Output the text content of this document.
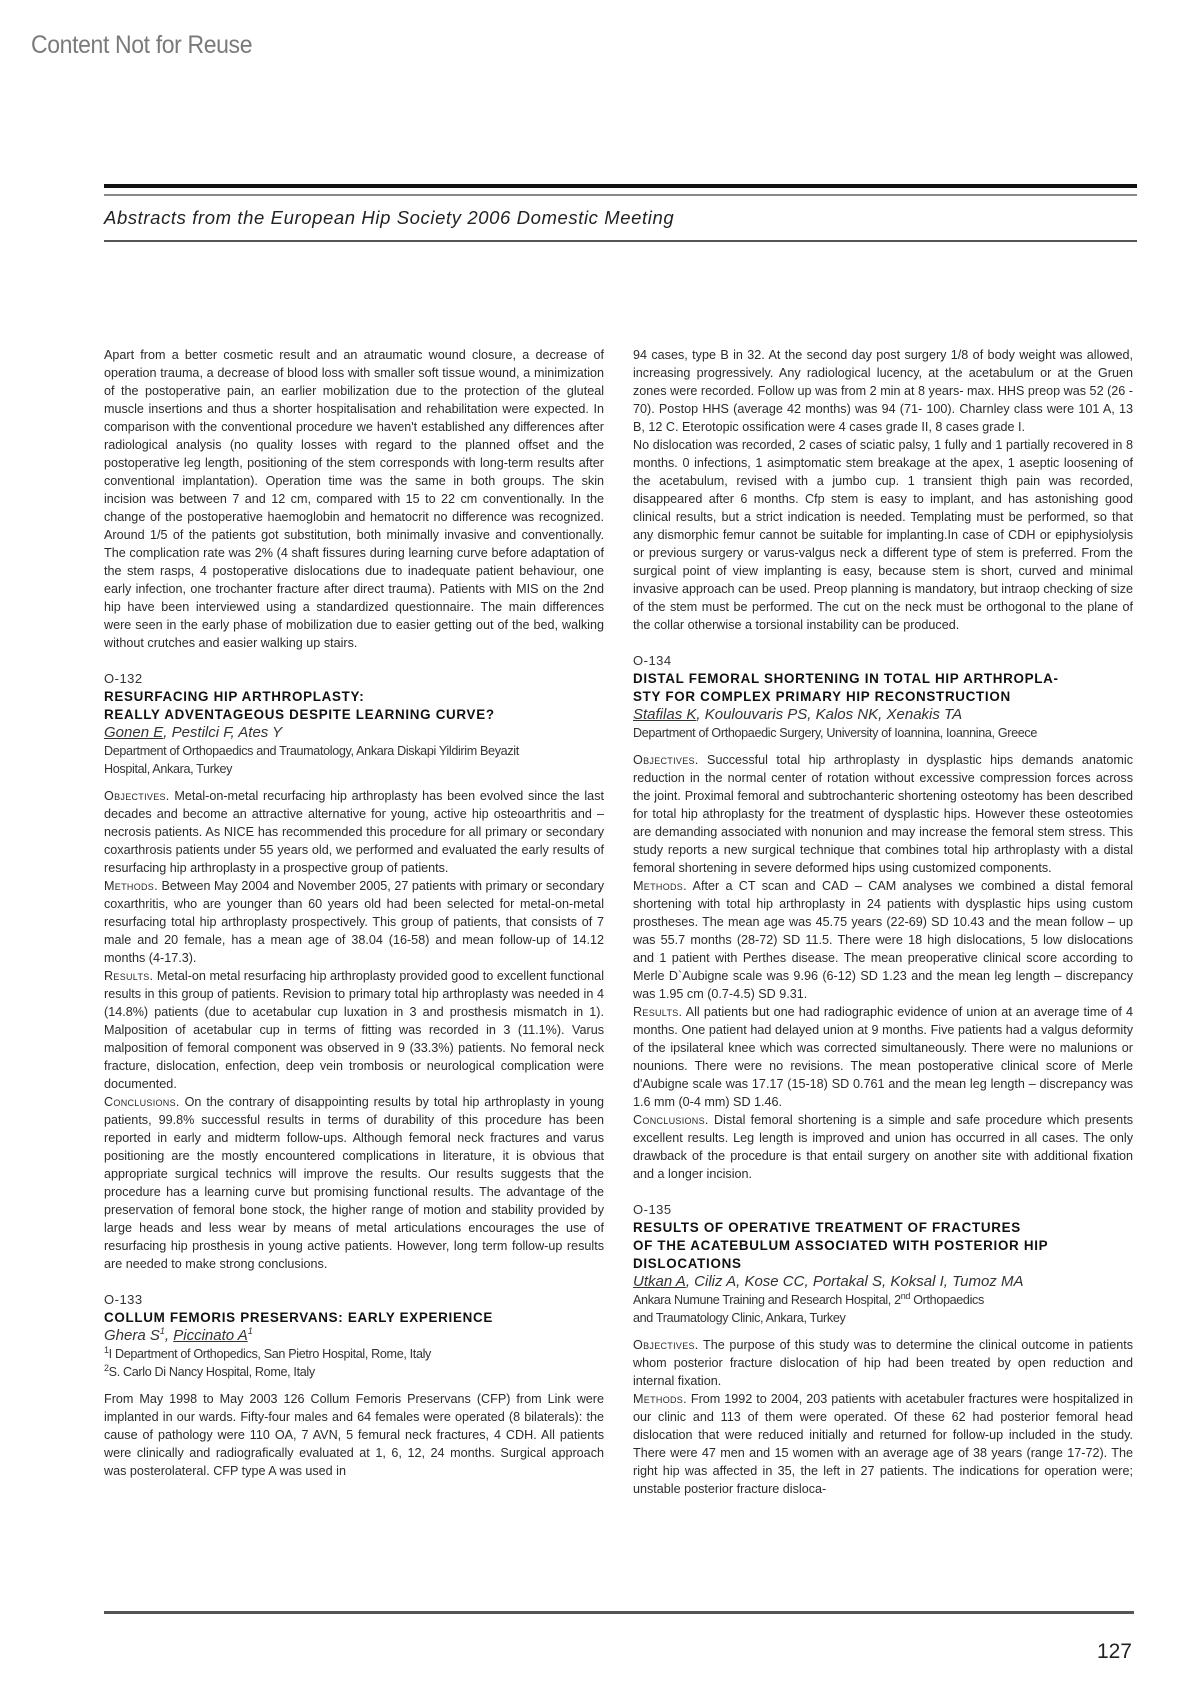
Content Not for Reuse
Abstracts from the European Hip Society 2006 Domestic Meeting

Apart from a better cosmetic result and an atraumatic wound closure, a decrease of operation trauma, a decrease of blood loss with smaller soft tissue wound, a minimization of the postoperative pain, an earlier mobilization due to the protection of the gluteal muscle insertions and thus a shorter hospitalisation and rehabilitation were expected. In comparison with the conventional procedure we haven't established any differences after radiological analysis (no quality losses with regard to the planned offset and the postoperative leg length, positioning of the stem corresponds with long-term results after conventional implantation). Operation time was the same in both groups. The skin incision was between 7 and 12 cm, compared with 15 to 22 cm conventionally. In the change of the postoperative haemoglobin and hematocrit no difference was recognized. Around 1/5 of the patients got substitution, both minimally invasive and conventionally. The complication rate was 2% (4 shaft fissures during learning curve before adaptation of the stem rasps, 4 postoperative dislocations due to inadequate patient behaviour, one early infection, one trochanter fracture after direct trauma). Patients with MIS on the 2nd hip have been interviewed using a standardized questionnaire. The main differences were seen in the early phase of mobilization due to easier getting out of the bed, walking without crutches and easier walking up stairs.

O-132
RESURFACING HIP ARTHROPLASTY:
REALLY ADVENTAGEOUS DESPITE LEARNING CURVE?
Gonen E, Pestilci F, Ates Y
Department of Orthopaedics and Traumatology, Ankara Diskapi Yildirim Beyazit
Hospital, Ankara, Turkey

Objectives. Metal-on-metal recurfacing hip arthroplasty has been evolved since the last decades and become an attractive alternative for young, active hip osteoarthritis and –necrosis patients. As NICE has recommended this procedure for all primary or secondary coxarthrosis patients under 55 years old, we performed and evaluated the early results of resurfacing hip arthroplasty in a prospective group of patients.

Methods. Between May 2004 and November 2005, 27 patients with primary or secondary coxarthritis, who are younger than 60 years old had been selected for metal-on-metal resurfacing total hip arthroplasty prospectively. This group of patients, that consists of 7 male and 20 female, has a mean age of 38.04 (16-58) and mean follow-up of 14.12 months (4-17.3).

Results. Metal-on metal resurfacing hip arthroplasty provided good to excellent functional results in this group of patients. Revision to primary total hip arthroplasty was needed in 4 (14.8%) patients (due to acetabular cup luxation in 3 and prosthesis mismatch in 1). Malposition of acetabular cup in terms of fitting was recorded in 3 (11.1%). Varus malposition of femoral component was observed in 9 (33.3%) patients. No femoral neck fracture, dislocation, enfection, deep vein trombosis or neurological complication were documented.

Conclusions. On the contrary of disappointing results by total hip arthroplasty in young patients, 99.8% successful results in terms of durability of this procedure has been reported in early and midterm follow-ups. Although femoral neck fractures and varus positioning are the mostly encountered complications in literature, it is obvious that appropriate surgical technics will improve the results. Our results suggests that the procedure has a learning curve but promising functional results. The advantage of the preservation of femoral bone stock, the higher range of motion and stability provided by large heads and less wear by means of metal articulations encourages the use of resurfacing hip prosthesis in young active patients. However, long term follow-up results are needed to make strong conclusions.

O-133
COLLUM FEMORIS PRESERVANS: EARLY EXPERIENCE
Ghera $S^1$, Piccinato $A^1$
$^1$I Department of Orthopedics, San Pietro Hospital, Rome, Italy
$^2$S. Carlo Di Nancy Hospital, Rome, Italy

From May 1998 to May 2003 126 Collum Femoris Preservans (CFP) from Link were implanted in our wards. Fifty-four males and 64 females were operated (8 bilaterals): the cause of pathology were 110 OA, 7 AVN, 5 femural neck fractures, 4 CDH. All patients were clinically and radiografically evaluated at 1, 6, 12, 24 months. Surgical approach was posterolateral. CFP type A was used in

94 cases, type B in 32. At the second day post surgery 1/8 of body weight was allowed, increasing progressively. Any radiological lucency, at the acetabulum or at the Gruen zones were recorded. Follow up was from 2 min at 8 years- max. HHS preop was 52 (26 - 70). Postop HHS (average 42 months) was 94 (71- 100). Charnley class were 101 A, 13 B, 12 C. Eterotopic ossification were 4 cases grade II, 8 cases grade I.

No dislocation was recorded, 2 cases of sciatic palsy, 1 fully and 1 partially recovered in 8 months. 0 infections, 1 asimptomatic stem breakage at the apex, 1 aseptic loosening of the acetabulum, revised with a jumbo cup. 1 transient thigh pain was recorded, disappeared after 6 months. Cfp stem is easy to implant, and has astonishing good clinical results, but a strict indication is needed. Templating must be performed, so that any dismorphic femur cannot be suitable for implanting.In case of CDH or epiphysiolysis or previous surgery or varus-valgus neck a different type of stem is preferred. From the surgical point of view implanting is easy, because stem is short, curved and minimal invasive approach can be used. Preop planning is mandatory, but intraop checking of size of the stem must be performed. The cut on the neck must be orthogonal to the plane of the collar otherwise a torsional instability can be produced.

O-134
DISTAL FEMORAL SHORTENING IN TOTAL HIP ARTHROPLA-
STY FOR COMPLEX PRIMARY HIP RECONSTRUCTION
Stafilas K, Koulouvaris PS, Kalos NK, Xenakis TA
Department of Orthopaedic Surgery, University of Ioannina, Ioannina, Greece

Objectives. Successful total hip arthroplasty in dysplastic hips demands anatomic reduction in the normal center of rotation without excessive compression forces across the joint. Proximal femoral and subtrochanteric shortening osteotomy has been described for total hip athroplasty for the treatment of dysplastic hips. However these osteotomies are demanding associated with nonunion and may increase the femoral stem stress. This study reports a new surgical technique that combines total hip arthroplasty with a distal femoral shortening in severe deformed hips using customized components.

Methods. After a CT scan and CAD – CAM analyses we combined a distal femoral shortening with total hip arthroplasty in 24 patients with dysplastic hips using custom prostheses. The mean age was 45.75 years (22-69) SD 10.43 and the mean follow – up was 55.7 months (28-72) SD 11.5. There were 18 high dislocations, 5 low dislocations and 1 patient with Perthes disease. The mean preoperative clinical score according to Merle D`Aubigne scale was 9.96 (6-12) SD 1.23 and the mean leg length – discrepancy was 1.95 cm (0.7-4.5) SD 9.31.

Results. All patients but one had radiographic evidence of union at an average time of 4 months. One patient had delayed union at 9 months. Five patients had a valgus deformity of the ipsilateral knee which was corrected simultaneously. There were no malunions or nounions. There were no revisions. The mean postoperative clinical score of Merle d'Aubigne scale was 17.17 (15-18) SD 0.761 and the mean leg length – discrepancy was 1.6 mm (0-4 mm) SD 1.46.

Conclusions. Distal femoral shortening is a simple and safe procedure which presents excellent results. Leg length is improved and union has occurred in all cases. The only drawback of the procedure is that entail surgery on another site with additional fixation and a longer incision.

O-135
RESULTS OF OPERATIVE TREATMENT OF FRACTURES
OF THE ACATEBULUM ASSOCIATED WITH POSTERIOR HIP
DISLOCATIONS
Utkan A, Ciliz A, Kose CC, Portakal S, Koksal I, Tumoz MA
Ankara Numune Training and Research Hospital, 2nd Orthopaedics
and Traumatology Clinic, Ankara, Turkey

Objectives. The purpose of this study was to determine the clinical outcome in patients whom posterior fracture dislocation of hip had been treated by open reduction and internal fixation.

Methods. From 1992 to 2004, 203 patients with acetabuler fractures were hospitalized in our clinic and 113 of them were operated. Of these 62 had posterior femoral head dislocation that were reduced initially and returned for follow-up included in the study. There were 47 men and 15 women with an average age of 38 years (range 17-72). The right hip was affected in 35, the left in 27 patients. The indications for operation were; unstable posterior fracture disloca-

127
